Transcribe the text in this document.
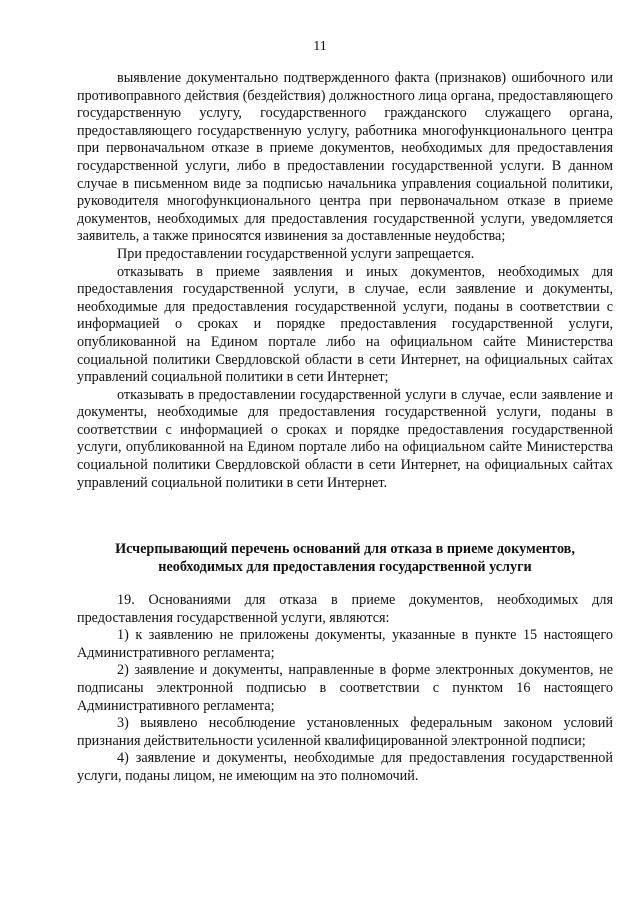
11

выявление документально подтвержденного факта (признаков) ошибочного или противоправного действия (бездействия) должностного лица органа, предоставляющего государственную услугу, государственного гражданского служащего органа, предоставляющего государственную услугу, работника многофункционального центра при первоначальном отказе в приеме документов, необходимых для предоставления государственной услуги, либо в предоставлении государственной услуги. В данном случае в письменном виде за подписью начальника управления социальной политики, руководителя многофункционального центра при первоначальном отказе в приеме документов, необходимых для предоставления государственной услуги, уведомляется заявитель, а также приносятся извинения за доставленные неудобства;

При предоставлении государственной услуги запрещается.

отказывать в приеме заявления и иных документов, необходимых для предоставления государственной услуги, в случае, если заявление и документы, необходимые для предоставления государственной услуги, поданы в соответствии с информацией о сроках и порядке предоставления государственной услуги, опубликованной на Едином портале либо на официальном сайте Министерства социальной политики Свердловской области в сети Интернет, на официальных сайтах управлений социальной политики в сети Интернет;

отказывать в предоставлении государственной услуги в случае, если заявление и документы, необходимые для предоставления государственной услуги, поданы в соответствии с информацией о сроках и порядке предоставления государственной услуги, опубликованной на Едином портале либо на официальном сайте Министерства социальной политики Свердловской области в сети Интернет, на официальных сайтах управлений социальной политики в сети Интернет.

Исчерпывающий перечень оснований для отказа в приеме документов, необходимых для предоставления государственной услуги

19. Основаниями для отказа в приеме документов, необходимых для предоставления государственной услуги, являются:

1) к заявлению не приложены документы, указанные в пункте 15 настоящего Административного регламента;

2) заявление и документы, направленные в форме электронных документов, не подписаны электронной подписью в соответствии с пунктом 16 настоящего Административного регламента;

3) выявлено несоблюдение установленных федеральным законом условий признания действительности усиленной квалифицированной электронной подписи;

4) заявление и документы, необходимые для предоставления государственной услуги, поданы лицом, не имеющим на это полномочий.
